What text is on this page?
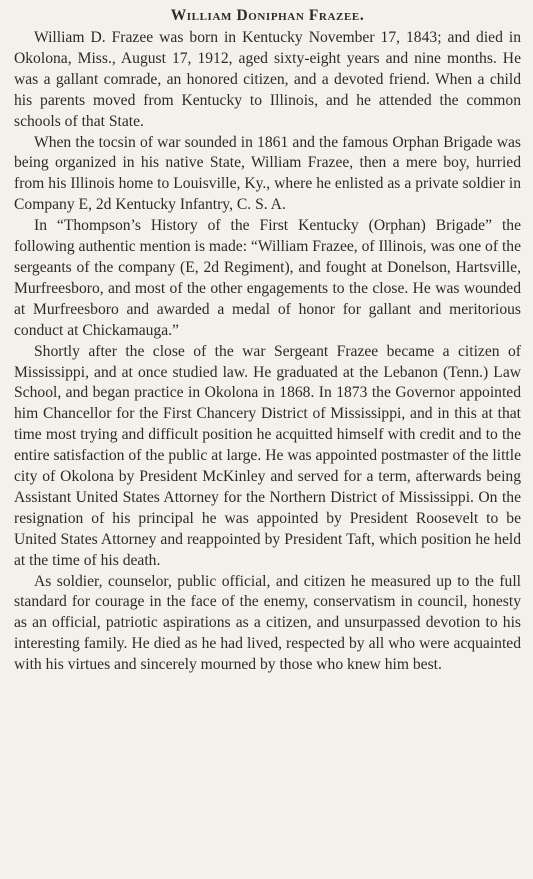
William Doniphan Frazee.

William D. Frazee was born in Kentucky November 17, 1843; and died in Okolona, Miss., August 17, 1912, aged sixty-eight years and nine months. He was a gallant comrade, an honored citizen, and a devoted friend. When a child his parents moved from Kentucky to Illinois, and he attended the common schools of that State.

When the tocsin of war sounded in 1861 and the famous Orphan Brigade was being organized in his native State, William Frazee, then a mere boy, hurried from his Illinois home to Louisville, Ky., where he enlisted as a private soldier in Company E, 2d Kentucky Infantry, C. S. A.

In “Thompson’s History of the First Kentucky (Orphan) Brigade” the following authentic mention is made: “William Frazee, of Illinois, was one of the sergeants of the company (E, 2d Regiment), and fought at Donelson, Hartsville, Murfreesboro, and most of the other engagements to the close. He was wounded at Murfreesboro and awarded a medal of honor for gallant and meritorious conduct at Chickamauga.”

Shortly after the close of the war Sergeant Frazee became a citizen of Mississippi, and at once studied law. He graduated at the Lebanon (Tenn.) Law School, and began practice in Okolona in 1868. In 1873 the Governor appointed him Chancellor for the First Chancery District of Mississippi, and in this at that time most trying and difficult position he acquitted himself with credit and to the entire satisfaction of the public at large. He was appointed postmaster of the little city of Okolona by President McKinley and served for a term, afterwards being Assistant United States Attorney for the Northern District of Mississippi. On the resignation of his principal he was appointed by President Roosevelt to be United States Attorney and reappointed by President Taft, which position he held at the time of his death.

As soldier, counselor, public official, and citizen he measured up to the full standard for courage in the face of the enemy, conservatism in council, honesty as an official, patriotic aspirations as a citizen, and unsurpassed devotion to his interesting family. He died as he had lived, respected by all who were acquainted with his virtues and sincerely mourned by those who knew him best.
